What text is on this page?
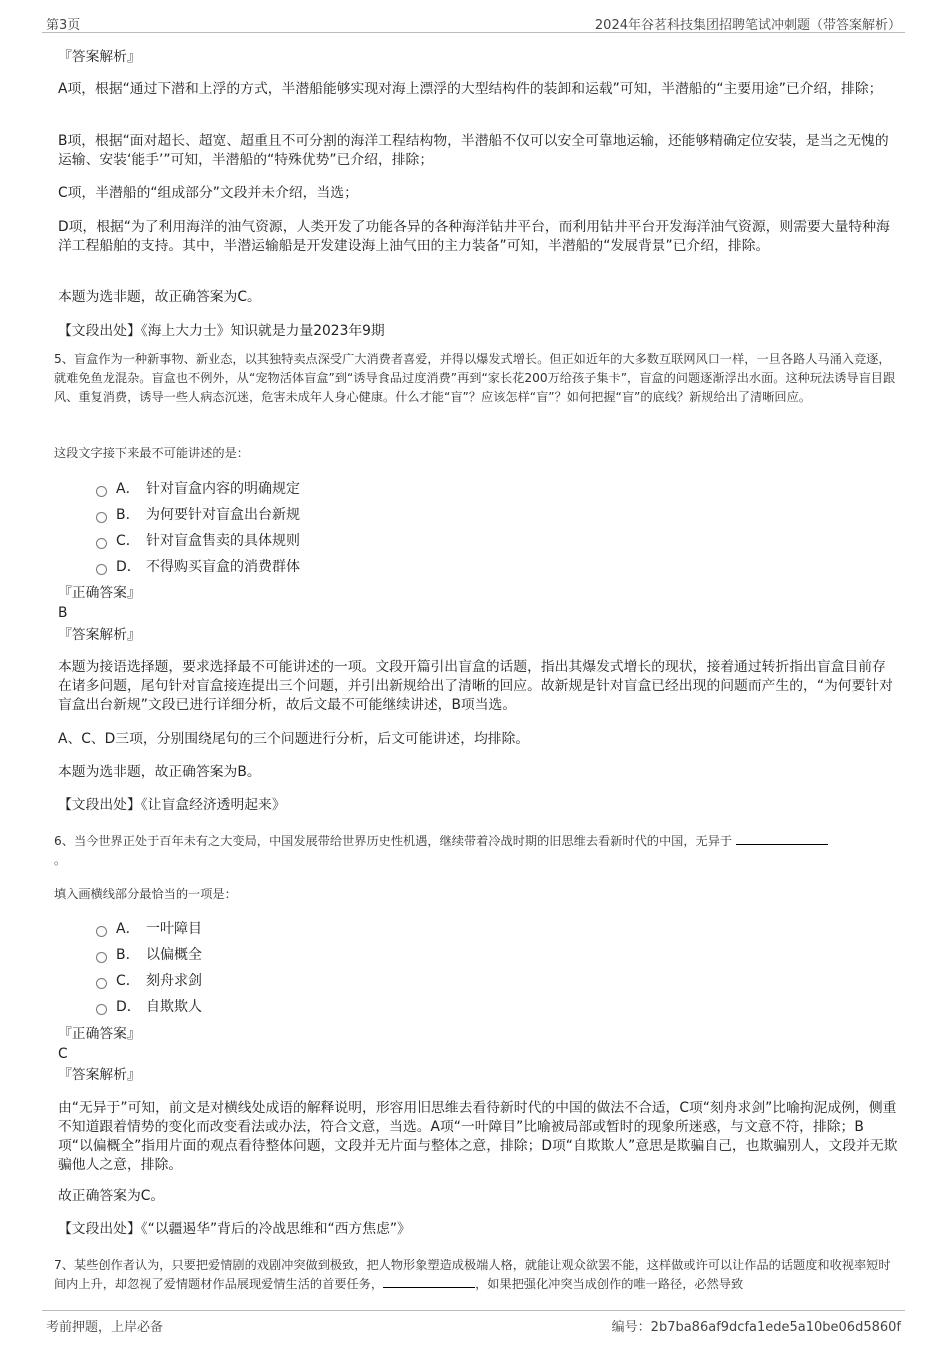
第3页	2024年谷茗科技集团招聘笔试冲刺题（带答案解析）

『答案解析』

A项，根据“通过下潜和上浮的方式，半潜船能够实现对海上漂浮的大型结构件的装卸和运载”可知，半潜船的“主要用途”已介绍，排除；

B项，根据“面对超长、超宽、超重且不可分割的海洋工程结构物，半潜船不仅可以安全可靠地运输，还能够精确定位安装，是当之无愧的运输、安装‘能手’”可知，半潜船的“特殊优势”已介绍，排除；

C项，半潜船的“组成部分”文段并未介绍，当选；

D项，根据“为了利用海洋的油气资源，人类开发了功能各异的各种海洋钻井平台，而利用钻井平台开发海洋油气资源，则需要大量特种海洋工程船舶的支持。其中，半潜运输船是开发建设海上油气田的主力装备”可知，半潜船的“发展背景”已介绍，排除。

本题为选非题，故正确答案为C。

【文段出处】《海上大力士》知识就是力量2023年9期

5、盲盒作为一种新事物、新业态，以其独特卖点深受广大消费者喜爱，并得以爆发式增长。但正如近年的大多数互联网风口一样，一旦各路人马涌入竞逐，就难免鱼龙混杂。盲盒也不例外，从“宠物活体盲盒”到“诱导食品过度消费”再到“家长花200万给孩子集卡”，盲盒的问题逐渐浮出水面。这种玩法诱导盲目跟风、重复消费，诱导一些人病态沉迷，危害未成年人身心健康。什么才能“盲”？应该怎样“盲”？如何把握“盲”的底线？新规给出了清晰回应。

这段文字接下来最不可能讲述的是：

A． 针对盲盒内容的明确规定
B． 为何要针对盲盒出台新规
C． 针对盲盒售卖的具体规则
D． 不得购买盲盒的消费群体

『正确答案』

B

『答案解析』

本题为接语选择题，要求选择最不可能讲述的一项。文段开篇引出盲盒的话题，指出其爆发式增长的现状，接着通过转折指出盲盒目前存在诸多问题，尾句针对盲盒接连提出三个问题，并引出新规给出了清晰的回应。故新规是针对盲盒已经出现的问题而产生的，“为何要针对盲盒出台新规”文段已进行详细分析，故后文最不可能继续讲述，B项当选。

A、C、D三项，分别围绕尾句的三个问题进行分析，后文可能讲述，均排除。

本题为选非题，故正确答案为B。

【文段出处】《让盲盒经济透明起来》

6、当今世界正处于百年未有之大变局，中国发展带给世界历史性机遇，继续带着冷战时期的旧思维去看新时代的中国，无异于
。

填入画横线部分最恰当的一项是：

A． 一叶障目
B． 以偏概全
C． 刻舟求剑
D． 自欺欺人

『正确答案』

C

『答案解析』

由“无异于”可知，前文是对横线处成语的解释说明，形容用旧思维去看待新时代的中国的做法不合适，C项“刻舟求剑”比喻拘泥成例，侧重不知道跟着情势的变化而改变看法或办法，符合文意，当选。A项“一叶障目”比喻被局部或暂时的现象所迷惑，与文意不符，排除；B项“以偏概全”指用片面的观点看待整体问题，文段并无片面与整体之意，排除；D项“自欺欺人”意思是欺骗自己，也欺骗别人，文段并无欺骗他人之意，排除。

故正确答案为C。

【文段出处】《“以疆遏华”背后的冷战思维和“西方焦虑”》

7、某些创作者认为，只要把爱情剧的戏剧冲突做到极致，把人物形象塑造成极端人格，就能让观众欲罢不能，这样做或许可以让作品的话题度和收视率短时间内上升，却忽视了爱情题材作品展现爱情生活的首要任务，	，如果把强化冲突当成创作的唯一路径，必然导致

考前押题，上岸必备	编号：2b7ba86af9dcfa1ede5a10be06d5860f
